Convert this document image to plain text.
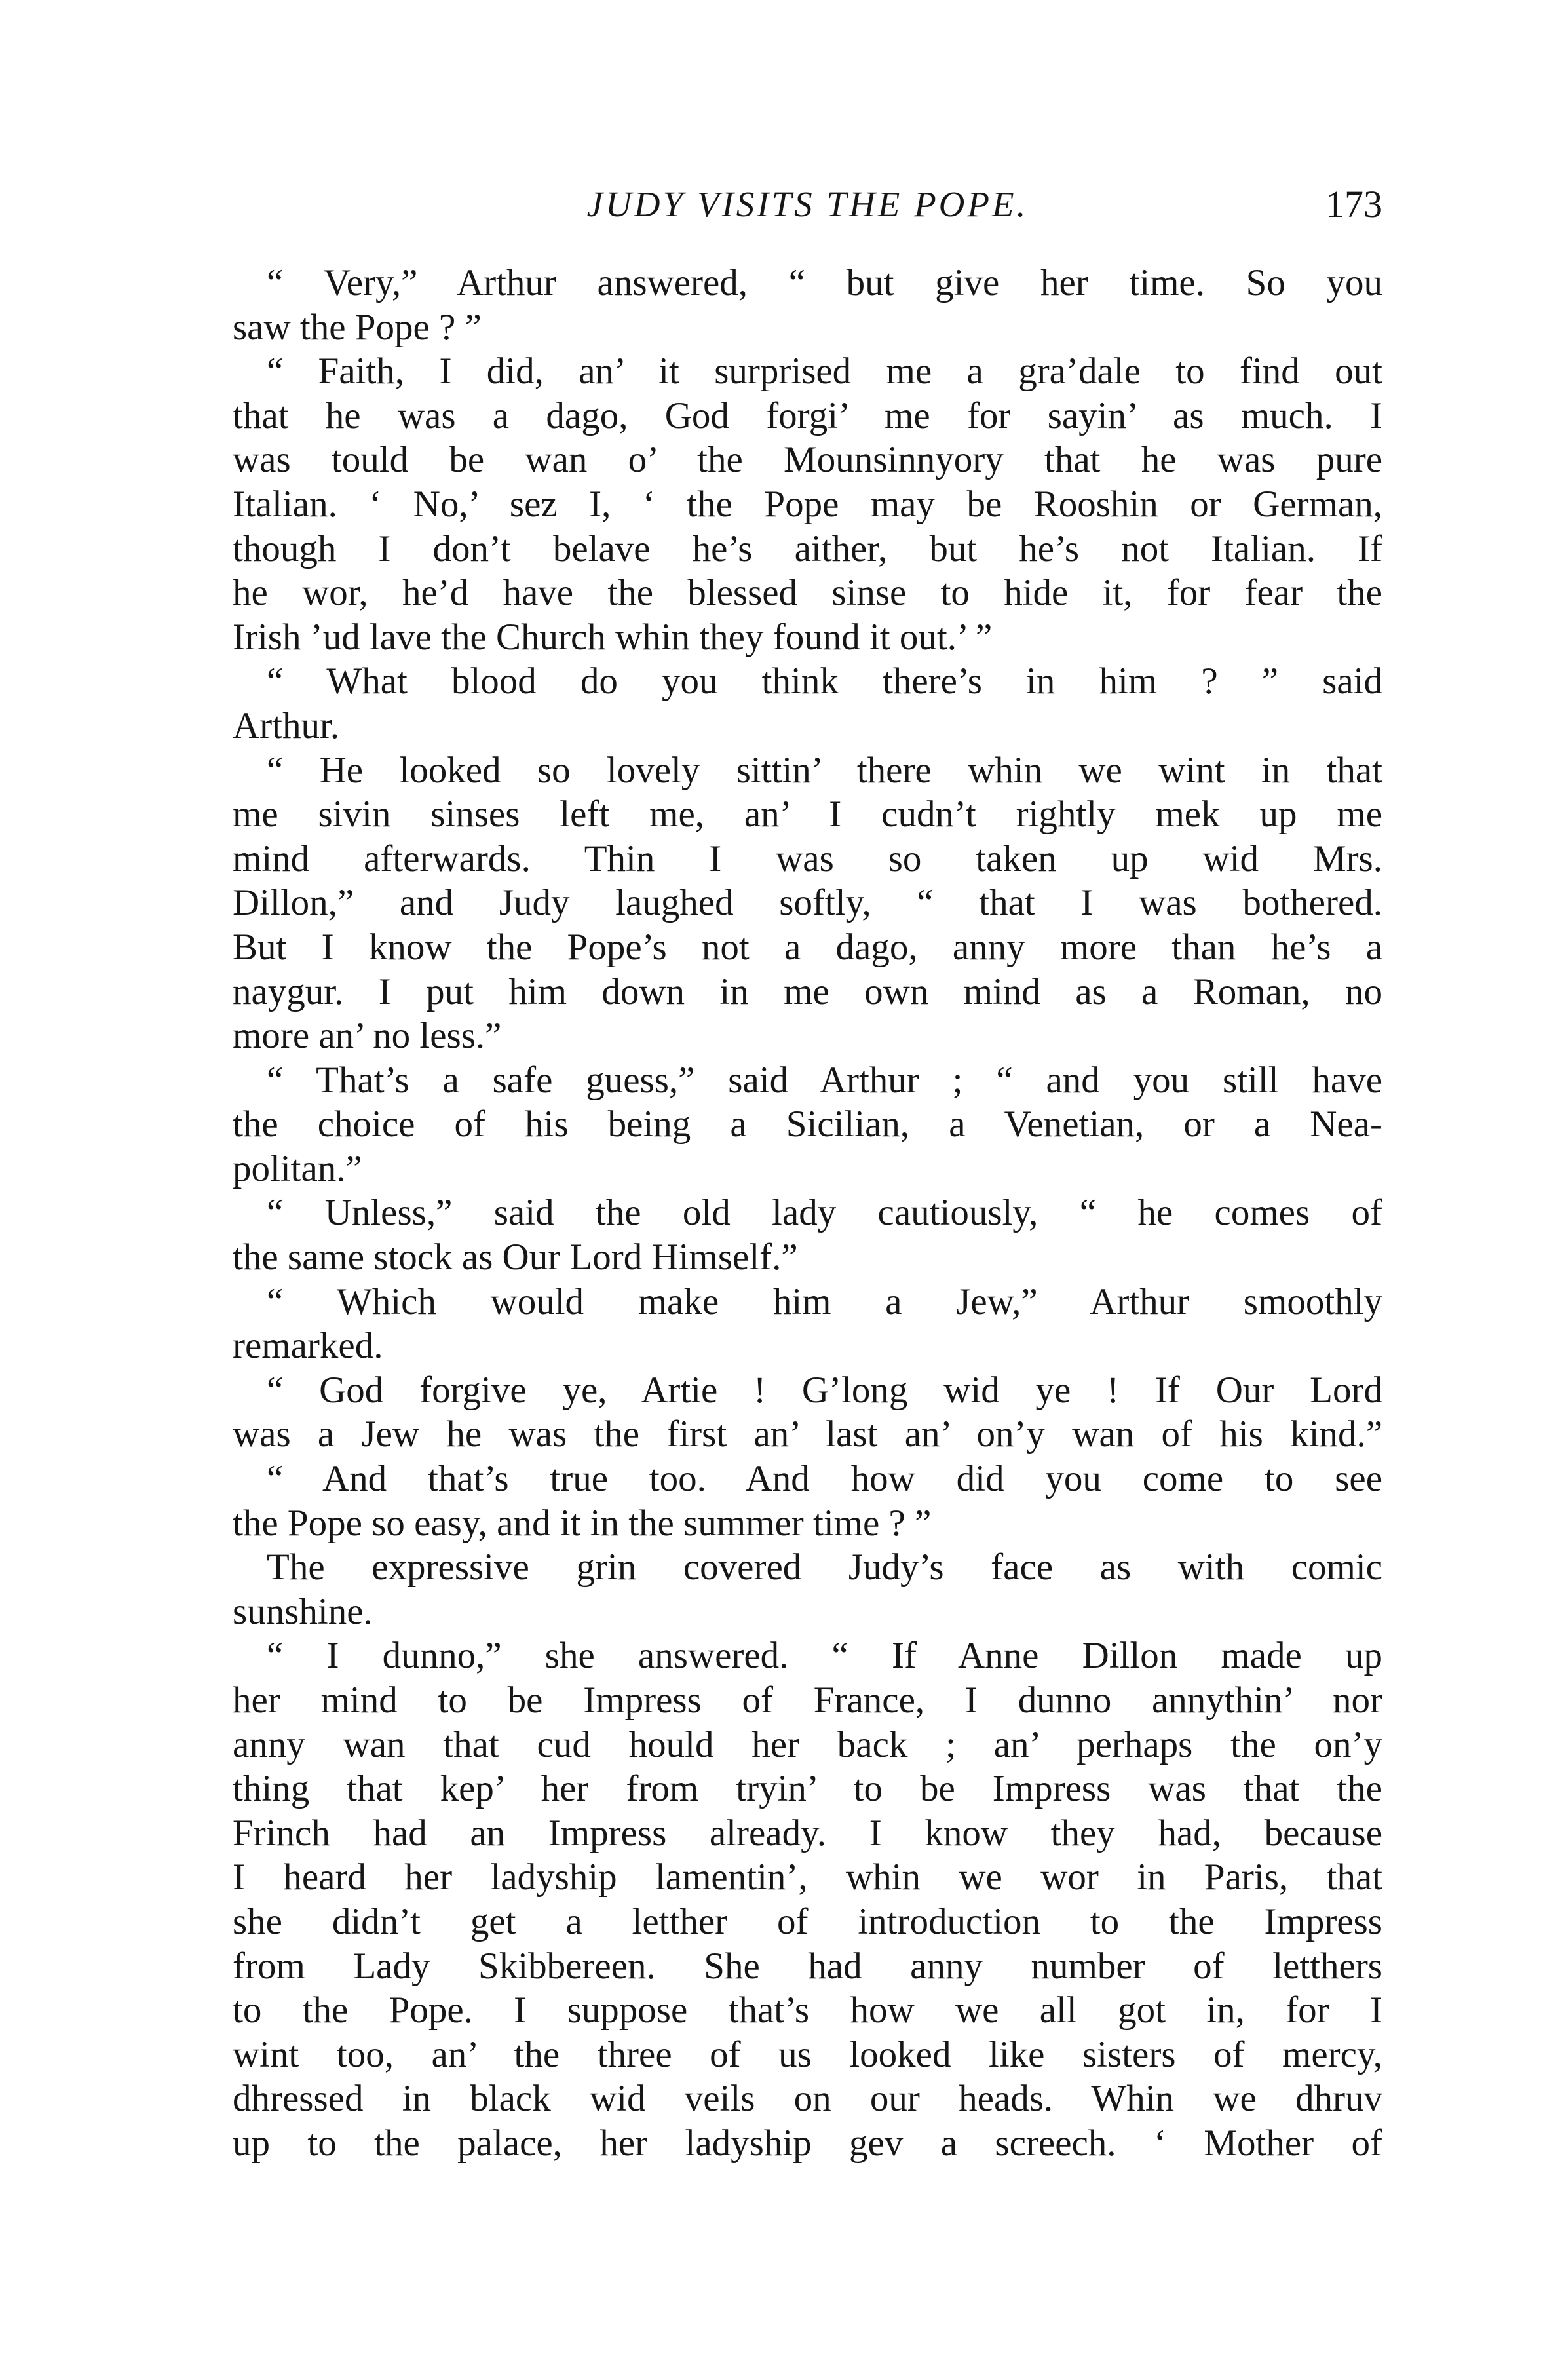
JUDY VISITS THE POPE.	173
“ Very,” Arthur answered, “ but give her time. So you
saw the Pope ? ”
“ Faith, I did, an’ it surprised me a gra’dale to find out
that he was a dago, God forgi’ me for sayin’ as much. I
was tould be wan o’ the Mounsinnyory that he was pure
Italian. ‘ No,’ sez I, ‘ the Pope may be Rooshin or German,
though I don’t belave he’s aither, but he’s not Italian. If
he wor, he’d have the blessed sinse to hide it, for fear the
Irish ’ud lave the Church whin they found it out.’ ”
“ What blood do you think there’s in him ? ” said
Arthur.
“ He looked so lovely sittin’ there whin we wint in that
me sivin sinses left me, an’ I cudn’t rightly mek up me
mind afterwards. Thin I was so taken up wid Mrs.
Dillon,” and Judy laughed softly, “ that I was bothered.
But I know the Pope’s not a dago, anny more than he’s a
naygur. I put him down in me own mind as a Roman, no
more an’ no less.”
“ That’s a safe guess,” said Arthur ; “ and you still have
the choice of his being a Sicilian, a Venetian, or a Nea-
politan.”
“ Unless,” said the old lady cautiously, “ he comes of
the same stock as Our Lord Himself.”
“ Which would make him a Jew,” Arthur smoothly
remarked.
“ God forgive ye, Artie ! G’long wid ye ! If Our Lord
was a Jew he was the first an’ last an’ on’y wan of his kind.”
“ And that’s true too. And how did you come to see
the Pope so easy, and it in the summer time ? ”
The expressive grin covered Judy’s face as with comic
sunshine.
“ I dunno,” she answered. “ If Anne Dillon made up
her mind to be Impress of France, I dunno annythin’ nor
anny wan that cud hould her back ; an’ perhaps the on’y
thing that kep’ her from tryin’ to be Impress was that the
Frinch had an Impress already. I know they had, because
I heard her ladyship lamentin’, whin we wor in Paris, that
she didn’t get a letther of introduction to the Impress
from Lady Skibbereen. She had anny number of letthers
to the Pope. I suppose that’s how we all got in, for I
wint too, an’ the three of us looked like sisters of mercy,
dhressed in black wid veils on our heads. Whin we dhruv
up to the palace, her ladyship gev a screech. ‘ Mother of
